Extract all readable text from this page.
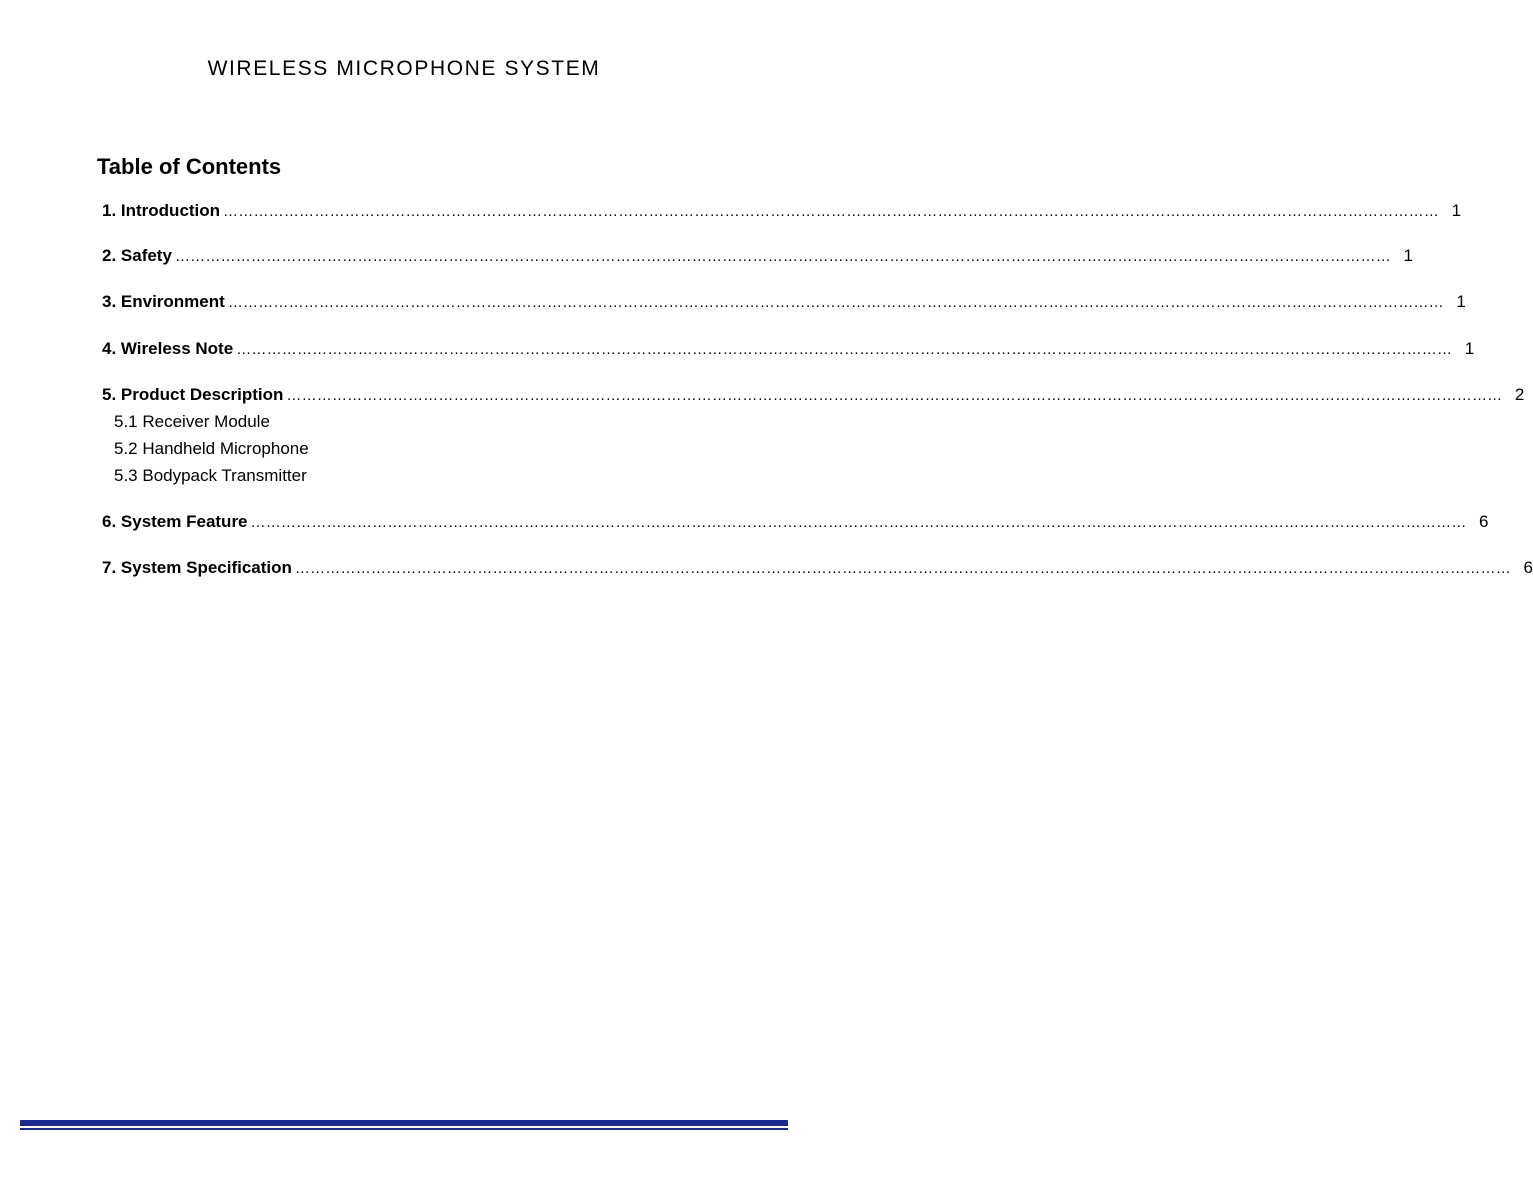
WIRELESS MICROPHONE SYSTEM
Table of Contents
1. Introduction …………………………………………………………………………………………………………………………………………………………………………………………………………………… 1
2. Safety …………………………………………………………………………………………………………………………………………………………………………………………………………………… 1
3. Environment …………………………………………………………………………………………………………………………………………………………………………………………………………………… 1
4. Wireless Note …………………………………………………………………………………………………………………………………………………………………………………………………………………… 1
5. Product Description …………………………………………………………………………………………………………………………………………………………………………………………………………………… 2
5.1 Receiver Module
5.2 Handheld Microphone
5.3 Bodypack Transmitter
6. System Feature …………………………………………………………………………………………………………………………………………………………………………………………………………………… 6
7. System Specification …………………………………………………………………………………………………………………………………………………………………………………………………………………… 6
